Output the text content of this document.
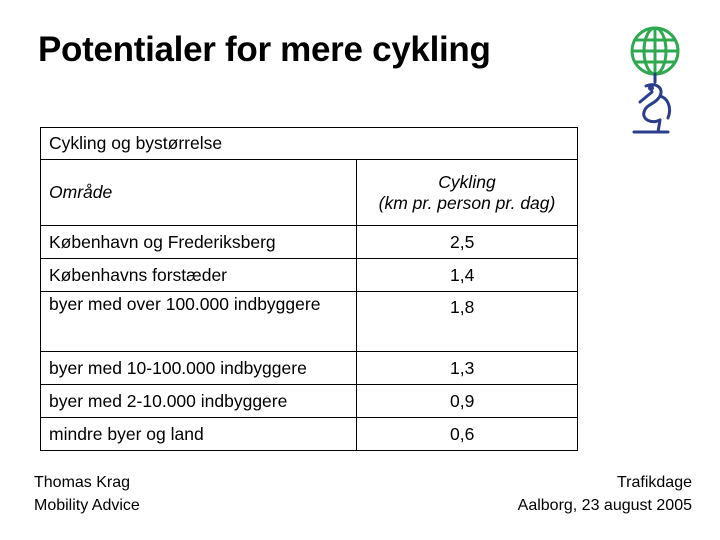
Potentialer for mere cykling
Cykling og bystørrelse	
Område	Cykling
(km pr. person pr. dag)
København og Frederiksberg	2,5
Københavns forstæder	1,4
byer med over 100.000 indbyggere	1,8
byer med 10-100.000 indbyggere	1,3
byer med 2-10.000 indbyggere	0,9
mindre byer og land	0,6
Thomas Krag
Mobility Advice
Trafikdage
Aalborg, 23 august 2005
